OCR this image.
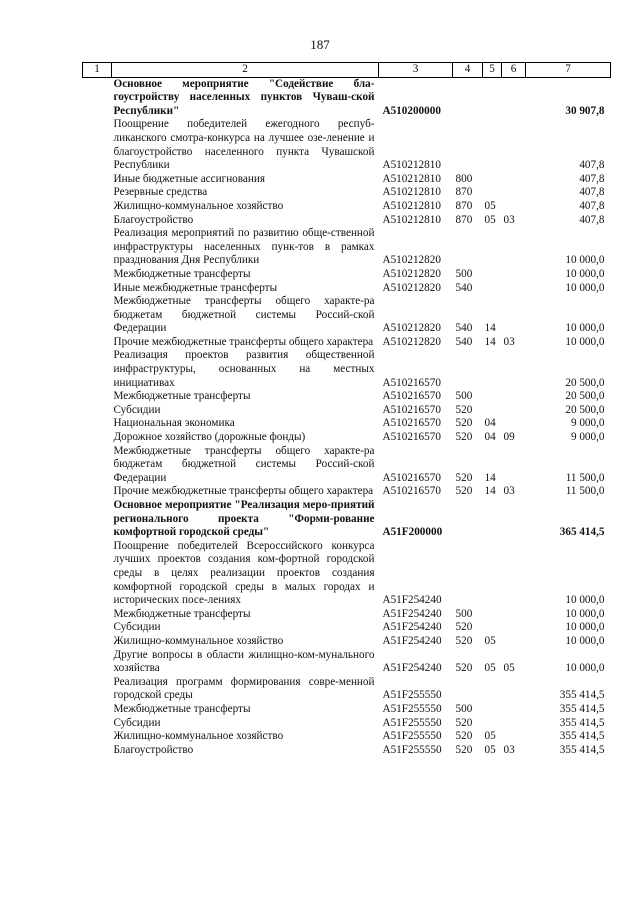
187
1	2	3	4	5	6	7
	Основное мероприятие "Содействие бла-гоустройству населенных пунктов Чуваш-ской Республики"	А510200000				30 907,8
	Поощрение победителей ежегодного респуб-ликанского смотра-конкурса на лучшее озе-ленение и благоустройство населенного пункта Чувашской Республики	А510212810				407,8
	Иные бюджетные ассигнования	А510212810	800			407,8
	Резервные средства	А510212810	870			407,8
	Жилищно-коммунальное хозяйство	А510212810	870	05		407,8
	Благоустройство	А510212810	870	05	03	407,8
	Реализация мероприятий по развитию обще-ственной инфраструктуры населенных пунк-тов в рамках празднования Дня Республики	А510212820				10 000,0
	Межбюджетные трансферты	А510212820	500			10 000,0
	Иные межбюджетные трансферты	А510212820	540			10 000,0
	Межбюджетные трансферты общего характе-ра бюджетам бюджетной системы Россий-ской Федерации	А510212820	540	14		10 000,0
	Прочие межбюджетные трансферты общего характера	А510212820	540	14	03	10 000,0
	Реализация проектов развития общественной инфраструктуры, основанных на местных инициативах	А510216570				20 500,0
	Межбюджетные трансферты	А510216570	500			20 500,0
	Субсидии	А510216570	520			20 500,0
	Национальная экономика	А510216570	520	04		9 000,0
	Дорожное хозяйство (дорожные фонды)	А510216570	520	04	09	9 000,0
	Межбюджетные трансферты общего характе-ра бюджетам бюджетной системы Россий-ской Федерации	А510216570	520	14		11 500,0
	Прочие межбюджетные трансферты общего характера	А510216570	520	14	03	11 500,0
	Основное мероприятие "Реализация меро-приятий регионального проекта "Форми-рование комфортной городской среды"	А51F200000				365 414,5
	Поощрение победителей Всероссийского конкурса лучших проектов создания ком-фортной городской среды в целях реализации проектов создания комфортной городской среды в малых городах и исторических посе-лениях	А51F254240				10 000,0
	Межбюджетные трансферты	А51F254240	500			10 000,0
	Субсидии	А51F254240	520			10 000,0
	Жилищно-коммунальное хозяйство	А51F254240	520	05		10 000,0
	Другие вопросы в области жилищно-ком-мунального хозяйства	А51F254240	520	05	05	10 000,0
	Реализация программ формирования совре-менной городской среды	А51F255550				355 414,5
	Межбюджетные трансферты	А51F255550	500			355 414,5
	Субсидии	А51F255550	520			355 414,5
	Жилищно-коммунальное хозяйство	А51F255550	520	05		355 414,5
	Благоустройство	А51F255550	520	05	03	355 414,5
